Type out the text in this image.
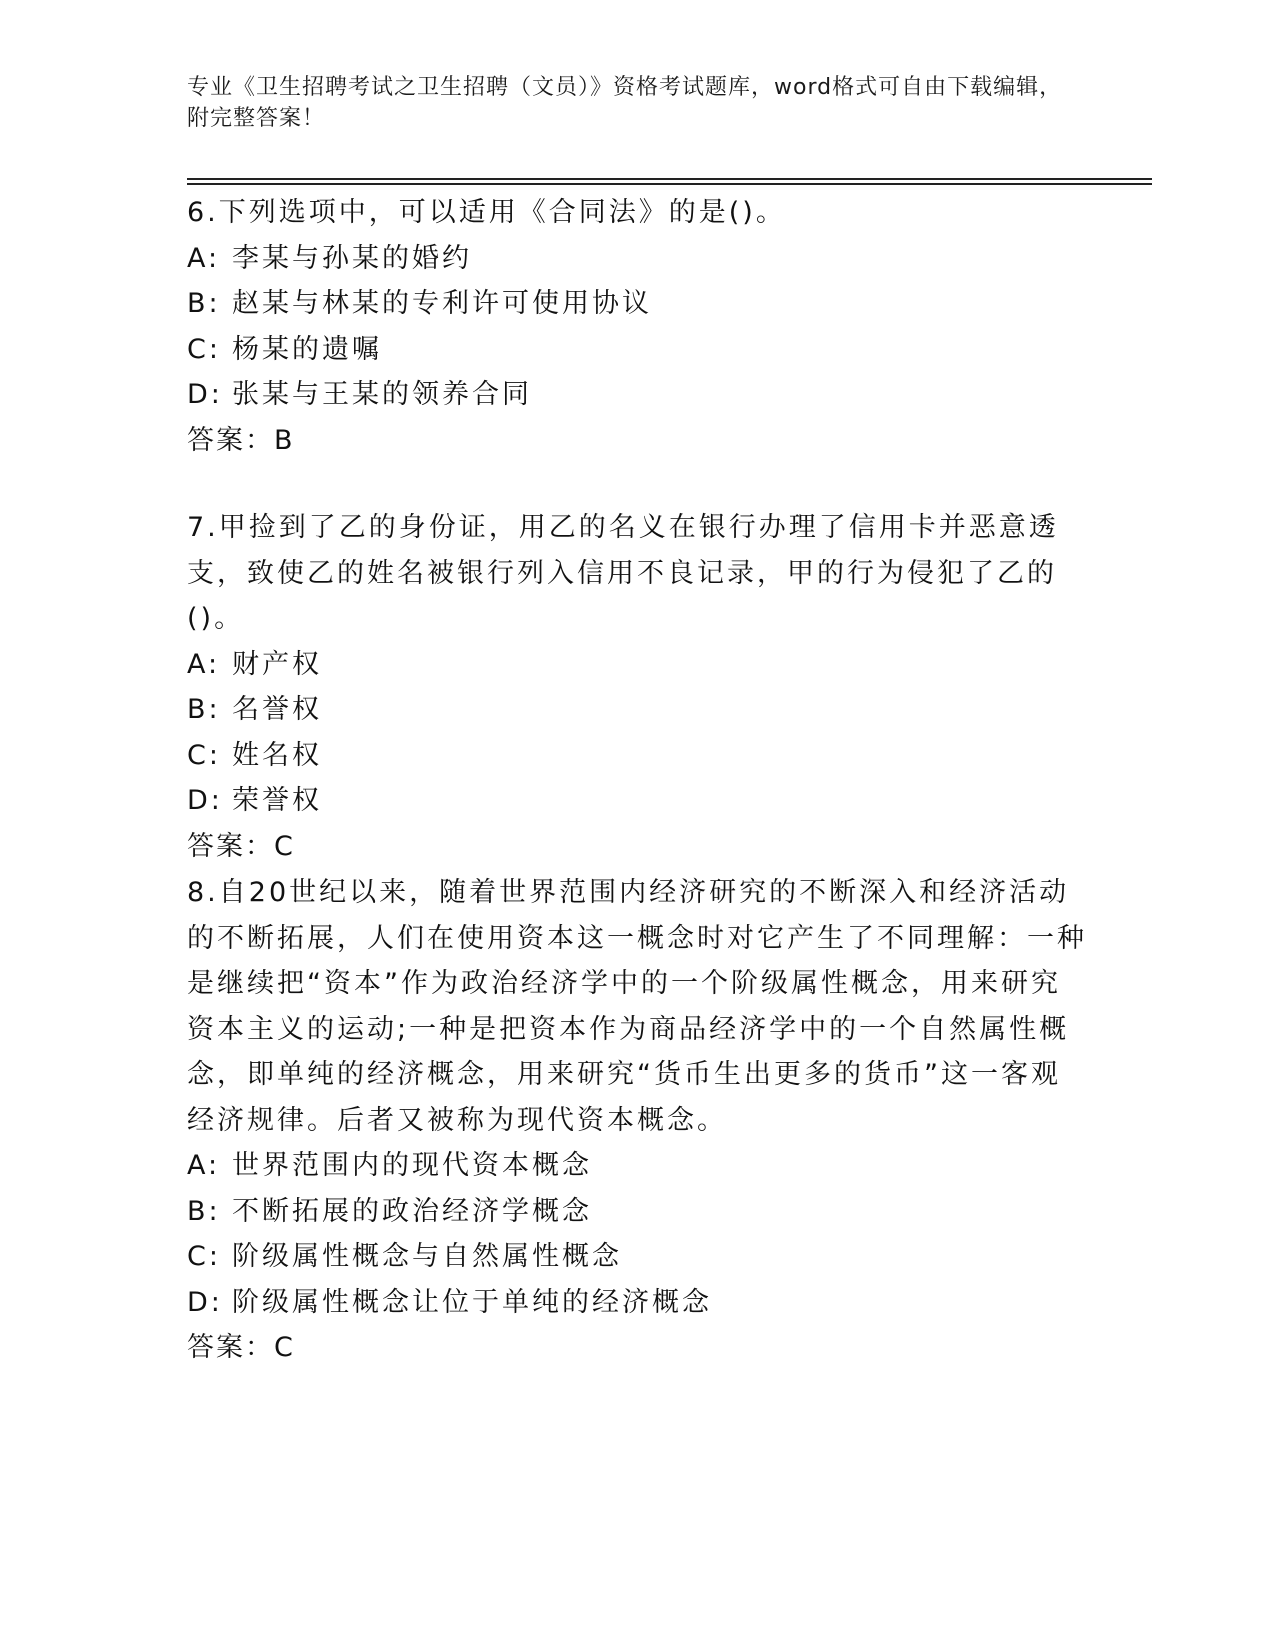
专业《卫生招聘考试之卫生招聘（文员）》资格考试题库，word格式可自由下载编辑，附完整答案！

6.下列选项中，可以适用《合同法》的是()。

A: 李某与孙某的婚约

B: 赵某与林某的专利许可使用协议

C: 杨某的遗嘱

D: 张某与王某的领养合同

答案：B

7.甲捡到了乙的身份证，用乙的名义在银行办理了信用卡并恶意透支，致使乙的姓名被银行列入信用不良记录，甲的行为侵犯了乙的()。

A: 财产权

B: 名誉权

C: 姓名权

D: 荣誉权

答案：C

8.自20世纪以来，随着世界范围内经济研究的不断深入和经济活动的不断拓展，人们在使用资本这一概念时对它产生了不同理解：一种是继续把“资本”作为政治经济学中的一个阶级属性概念，用来研究资本主义的运动;一种是把资本作为商品经济学中的一个自然属性概念，即单纯的经济概念，用来研究“货币生出更多的货币”这一客观经济规律。后者又被称为现代资本概念。

A: 世界范围内的现代资本概念

B: 不断拓展的政治经济学概念

C: 阶级属性概念与自然属性概念

D: 阶级属性概念让位于单纯的经济概念

答案：C
